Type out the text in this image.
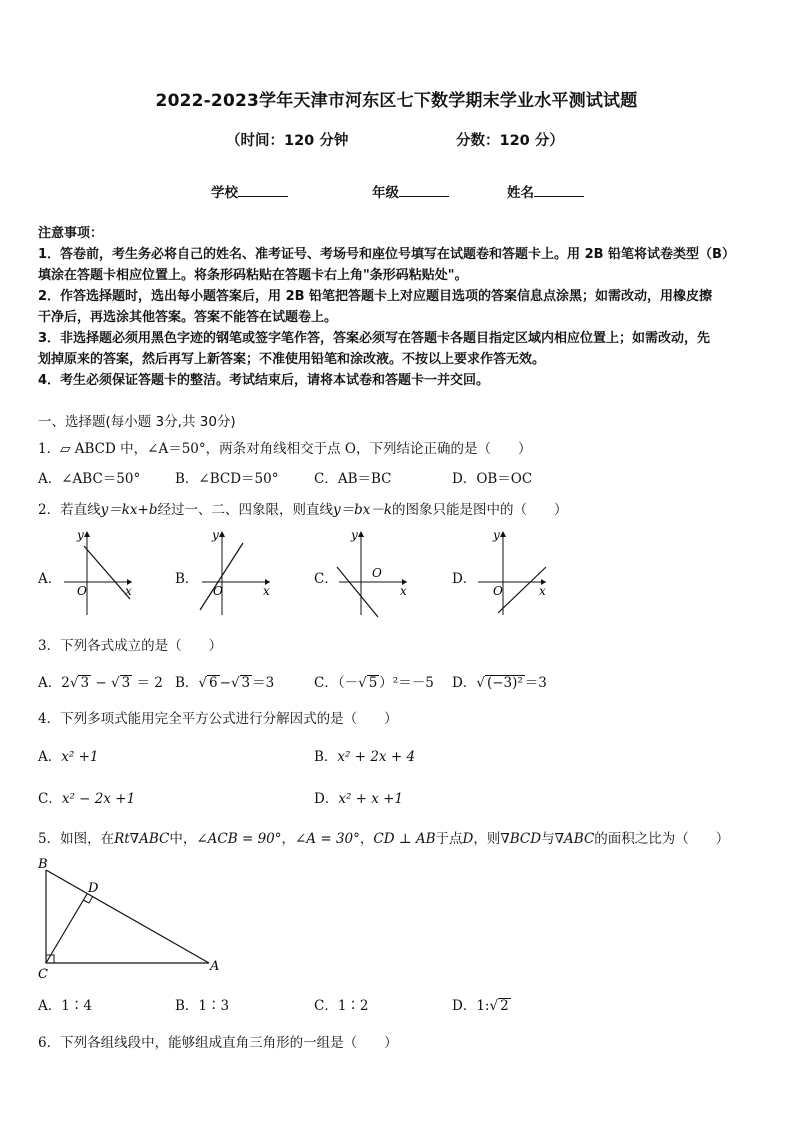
2022-2023学年天津市河东区七下数学期末学业水平测试试题
（时间：120 分钟	分数：120 分）
学校	年级	姓名

注意事项：

1．答卷前，考生务必将自己的姓名、准考证号、考场号和座位号填写在试题卷和答题卡上。用 2B 铅笔将试卷类型（B）

填涂在答题卡相应位置上。将条形码粘贴在答题卡右上角"条形码粘贴处"。

2．作答选择题时，选出每小题答案后，用 2B 铅笔把答题卡上对应题目选项的答案信息点涂黑；如需改动，用橡皮擦

干净后，再选涂其他答案。答案不能答在试题卷上。

3．非选择题必须用黑色字迹的钢笔或签字笔作答，答案必须写在答题卡各题目指定区域内相应位置上；如需改动，先

划掉原来的答案，然后再写上新答案；不准使用铅笔和涂改液。不按以上要求作答无效。

4．考生必须保证答题卡的整洁。考试结束后，请将本试卷和答题卡一并交回。

一、选择题(每小题 3分,共 30分)
1．▱ ABCD 中，∠A＝50°，两条对角线相交于点 O，下列结论正确的是（　　）
A．∠ABC＝50°	B．∠BCD＝50°	C．AB＝BC	D．OB＝OC
2．若直线y＝kx+b经过一、二、四象限，则直线y＝bx－k的图象只能是图中的（　　）
A．	B．	C．	D．
y
x
O
y
x
O
y
x
O
y
x
O
3．下列各式成立的是（　　）
A．2√ 3 − √ 3 ＝ 2 B．√ 6 −√ 3 ＝3	C．（－√ 5 ）²＝－5 D．√ (−3)² ＝3
4．下列多项式能用完全平方公式进行分解因式的是（　　）
A．x² +1	B．x² + 2x + 4
C．x² − 2x +1	D．x² + x +1
5．如图，在Rt∇ABC中，∠ACB = 90°，∠A = 30°，CD ⊥ AB于点D，则∇BCD与∇ABC的面积之比为（　　）
B
D
C
A
A．1∶4	B．1∶3	C．1∶2	D．1:√ 2
6．下列各组线段中，能够组成直角三角形的一组是（　　）
